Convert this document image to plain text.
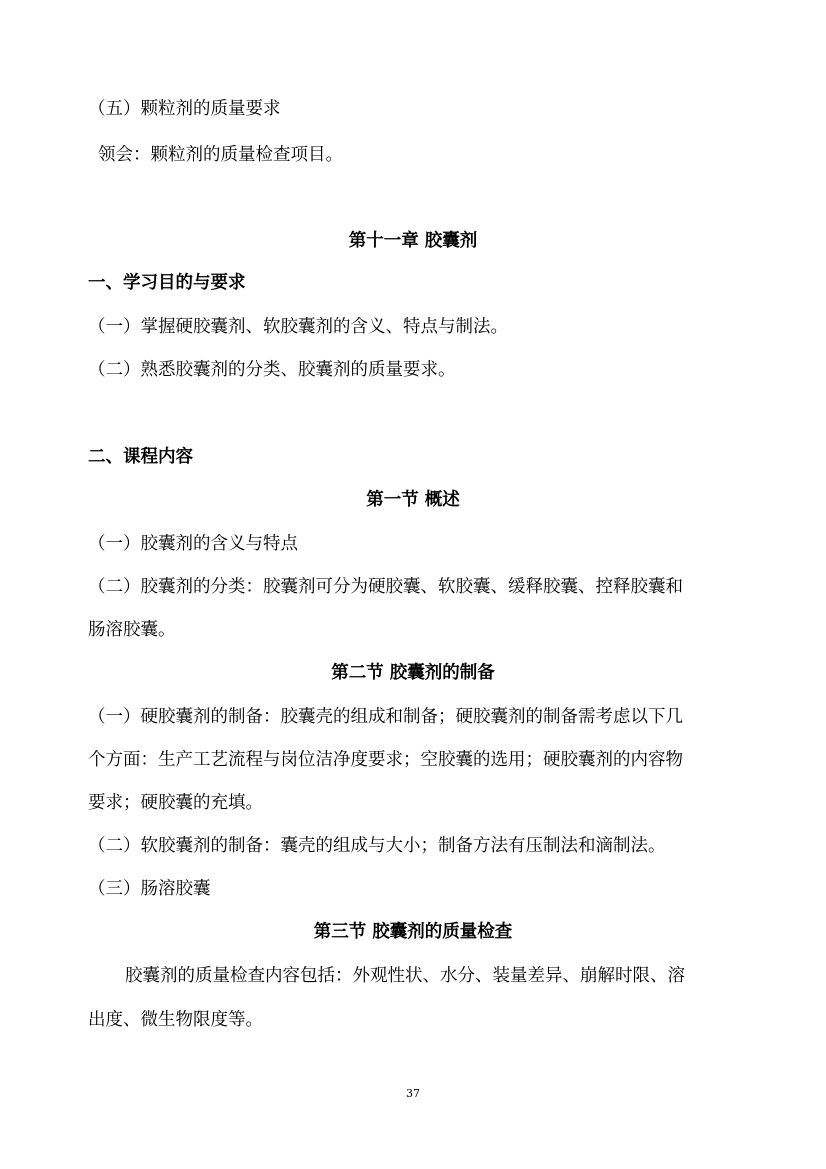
（五）颗粒剂的质量要求

领会：颗粒剂的质量检查项目。

第十一章 胶囊剂

一、学习目的与要求

（一）掌握硬胶囊剂、软胶囊剂的含义、特点与制法。

（二）熟悉胶囊剂的分类、胶囊剂的质量要求。

二、课程内容

第一节 概述

（一）胶囊剂的含义与特点

（二）胶囊剂的分类：胶囊剂可分为硬胶囊、软胶囊、缓释胶囊、控释胶囊和

肠溶胶囊。

第二节 胶囊剂的制备

（一）硬胶囊剂的制备：胶囊壳的组成和制备；硬胶囊剂的制备需考虑以下几

个方面：生产工艺流程与岗位洁净度要求；空胶囊的选用；硬胶囊剂的内容物

要求；硬胶囊的充填。

（二）软胶囊剂的制备：囊壳的组成与大小；制备方法有压制法和滴制法。

（三）肠溶胶囊

第三节 胶囊剂的质量检查

胶囊剂的质量检查内容包括：外观性状、水分、装量差异、崩解时限、溶

出度、微生物限度等。

37
